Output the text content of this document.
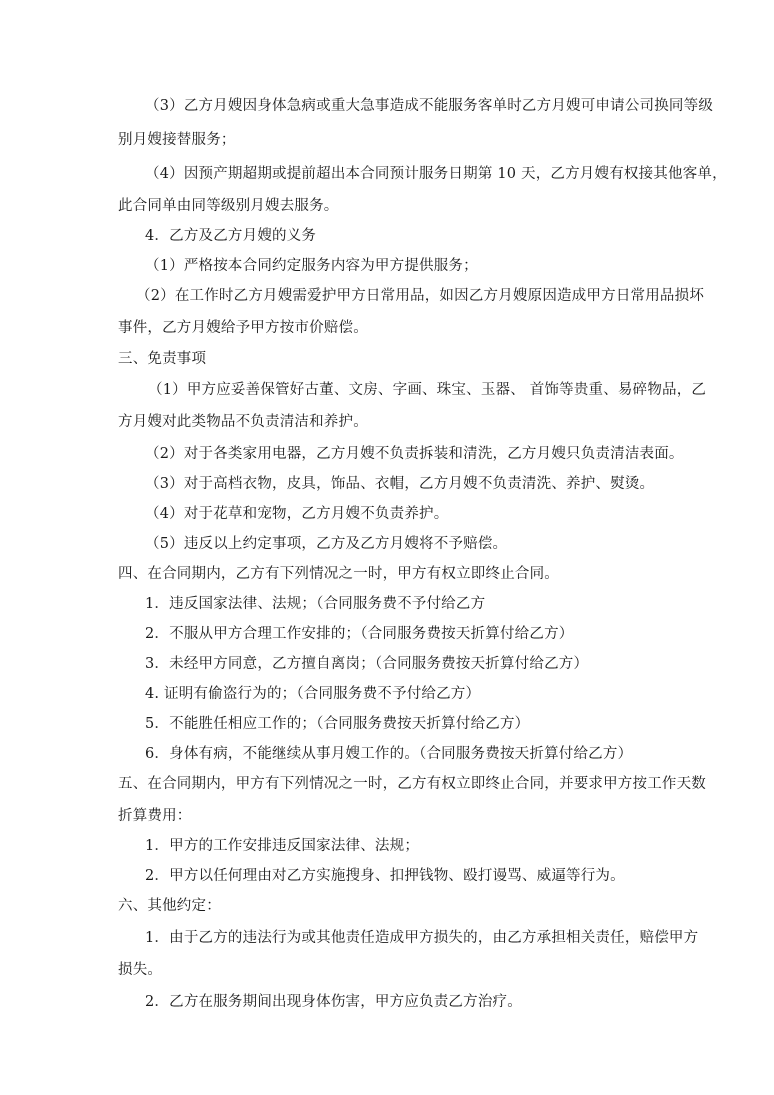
（3）乙方月嫂因身体急病或重大急事造成不能服务客单时乙方月嫂可申请公司换同等级
别月嫂接替服务；
（4）因预产期超期或提前超出本合同预计服务日期第 10 天，乙方月嫂有权接其他客单，
此合同单由同等级别月嫂去服务。
4．乙方及乙方月嫂的义务
（1）严格按本合同约定服务内容为甲方提供服务；
（2）在工作时乙方月嫂需爱护甲方日常用品，如因乙方月嫂原因造成甲方日常用品损坏
事件，乙方月嫂给予甲方按市价赔偿。
三、免责事项
（1）甲方应妥善保管好古董、文房、字画、珠宝、玉器、 首饰等贵重、易碎物品，乙
方月嫂对此类物品不负责清洁和养护。
（2）对于各类家用电器，乙方月嫂不负责拆装和清洗，乙方月嫂只负责清洁表面。
（3）对于高档衣物，皮具，饰品、衣帽，乙方月嫂不负责清洗、养护、熨烫。
（4）对于花草和宠物，乙方月嫂不负责养护。
（5）违反以上约定事项，乙方及乙方月嫂将不予赔偿。
四、在合同期内，乙方有下列情况之一时，甲方有权立即终止合同。
1．违反国家法律、法规；（合同服务费不予付给乙方
2．不服从甲方合理工作安排的；（合同服务费按天折算付给乙方）
3．未经甲方同意，乙方擅自离岗；（合同服务费按天折算付给乙方）
4. 证明有偷盗行为的；（合同服务费不予付给乙方）
5．不能胜任相应工作的；（合同服务费按天折算付给乙方）
6．身体有病，不能继续从事月嫂工作的。（合同服务费按天折算付给乙方）
五、在合同期内，甲方有下列情况之一时，乙方有权立即终止合同，并要求甲方按工作天数
折算费用：
1．甲方的工作安排违反国家法律、法规；
2．甲方以任何理由对乙方实施搜身、扣押钱物、殴打谩骂、威逼等行为。
六、其他约定：
1．由于乙方的违法行为或其他责任造成甲方损失的，由乙方承担相关责任，赔偿甲方
损失。
2．乙方在服务期间出现身体伤害，甲方应负责乙方治疗。
